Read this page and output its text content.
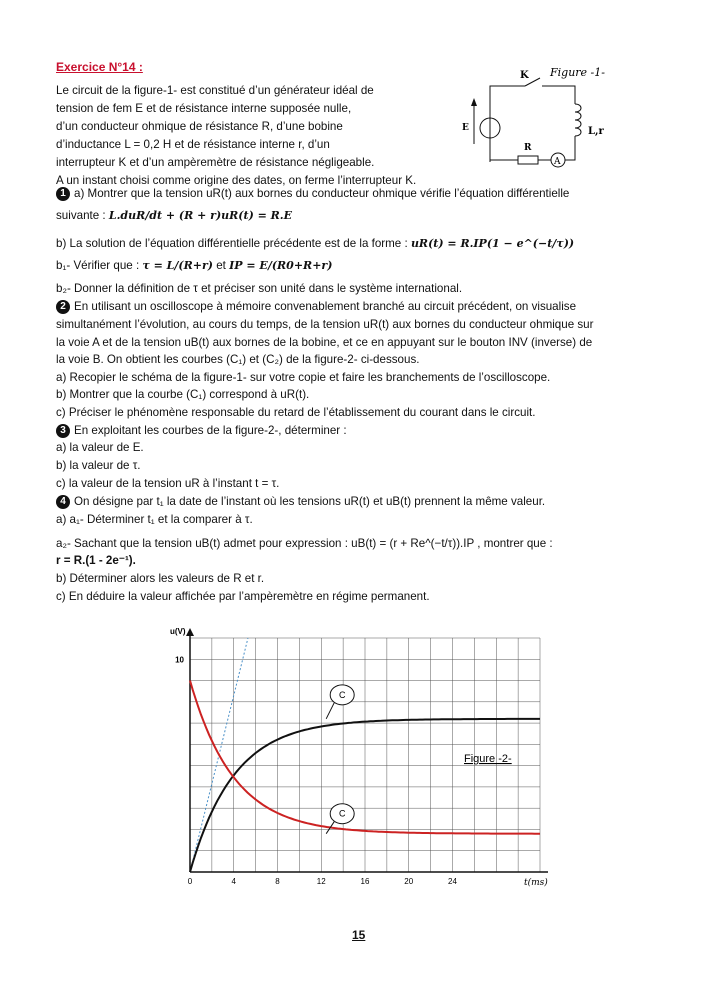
Exercice N°14 :
Le circuit de la figure-1- est constitué d’un générateur idéal de
tension de fem E et de résistance interne supposée nulle,
d’un conducteur ohmique de résistance R, d’une bobine
d’inductance L = 0,2 H et de résistance interne r, d’un
interrupteur K et d’un ampèremètre de résistance négligeable.
A un instant choisi comme origine des dates, on ferme l’interrupteur K.
Figure -1-
K
L,r
A
R
E
1 a) Montrer que la tension uR(t) aux bornes du conducteur ohmique vérifie l’équation différentielle
suivante : L.duR/dt + (R + r)uR(t) = R.E
b) La solution de l’équation différentielle précédente est de la forme : uR(t) = R.IP(1 − e^(−t/τ))
b₁- Vérifier que : τ = L/(R+r) et IP = E/(R0+R+r)
b₂- Donner la définition de τ et préciser son unité dans le système international.
2 En utilisant un oscilloscope à mémoire convenablement branché au circuit précédent, on visualise
simultanément l’évolution, au cours du temps, de la tension uR(t) aux bornes du conducteur ohmique sur
la voie A et de la tension uB(t) aux bornes de la bobine, et ce en appuyant sur le bouton INV (inverse) de
la voie B. On obtient les courbes (C₁) et (C₂) de la figure-2- ci-dessous.
a) Recopier le schéma de la figure-1- sur votre copie et faire les branchements de l’oscilloscope.
b) Montrer que la courbe (C₁) correspond à uR(t).
c) Préciser le phénomène responsable du retard de l’établissement du courant dans le circuit.
3 En exploitant les courbes de la figure-2-, déterminer :
a) la valeur de E.
b) la valeur de τ.
c) la valeur de la tension uR à l’instant t = τ.
4 On désigne par t₁ la date de l’instant où les tensions uR(t) et uB(t) prennent la même valeur.
a) a₁- Déterminer t₁ et la comparer à τ.
a₂- Sachant que la tension uB(t) admet pour expression : uB(t) = (r + Re^(−t/τ)).IP , montrer que :
r = R.(1 - 2e⁻¹).
b) Déterminer alors les valeurs de R et r.
c) En déduire la valeur affichée par l’ampèremètre en régime permanent.
0	4	8	12	16	20	24
10
C
C
u(V)
t(ms)
Figure -2-
15
